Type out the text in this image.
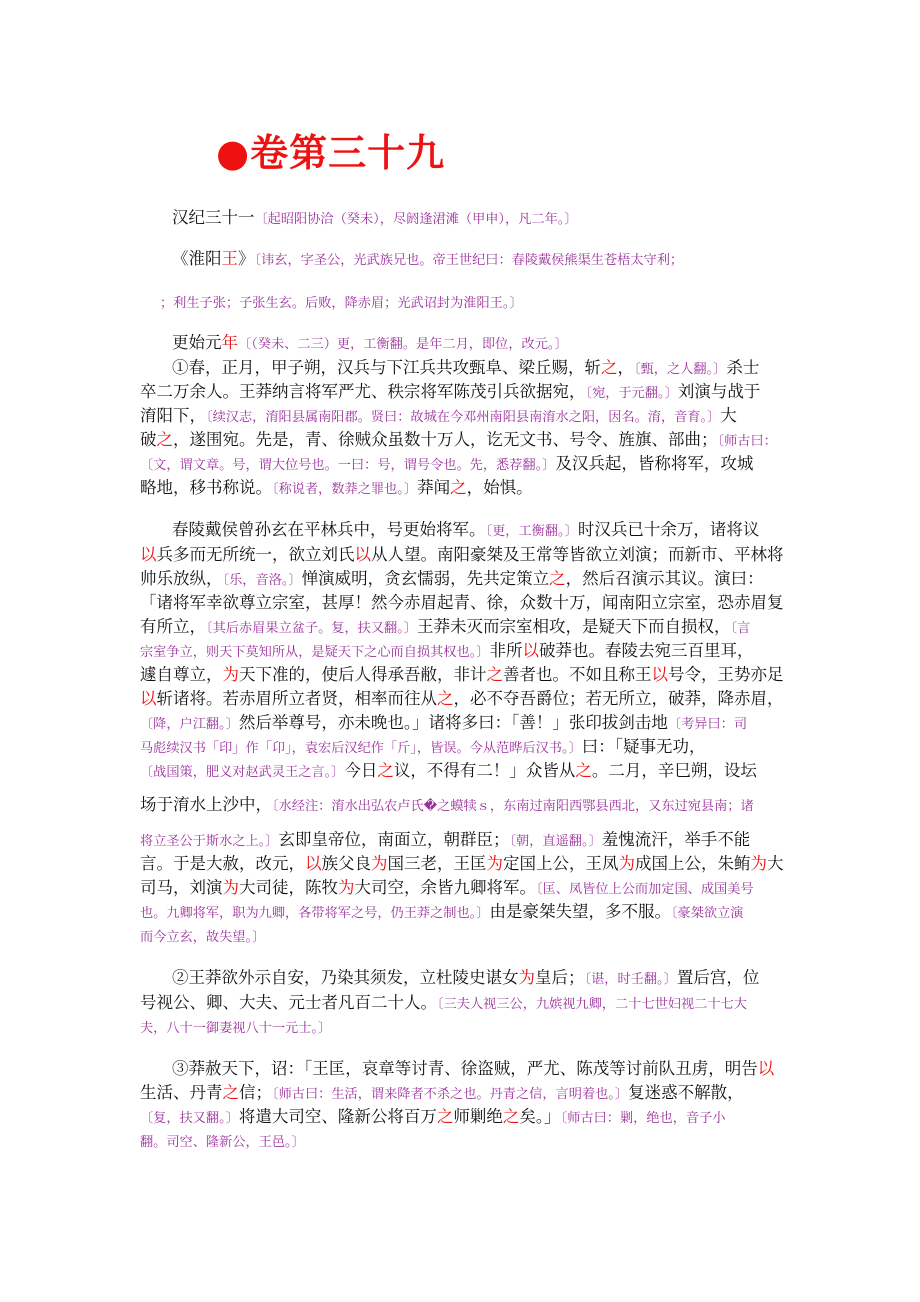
●卷第三十九
汉纪三十一〔起昭阳协洽（癸未），尽阏逢涒滩（甲申），凡二年。〕
《淮阳王》〔讳玄，字圣公，光武族兄也。帝王世纪曰：春陵戴侯熊渠生苍梧太守利；
；利生子张；子张生玄。后败，降赤眉；光武诏封为淮阳王。〕
更始元年〔（癸未、二三）更，工衡翻。是年二月，即位，改元。〕
①春，正月，甲子朔，汉兵与下江兵共攻甄阜、梁丘赐，斩之，〔甄，之人翻。〕杀士
卒二万余人。王莽纳言将军严尤、秩宗将军陈茂引兵欲据宛，〔宛，于元翻。〕刘演与战于
淯阳下，〔续汉志，淯阳县属南阳郡。贤曰：故城在今邓州南阳县南淯水之阳，因名。淯，音育。〕大
破之，遂围宛。先是，青、徐贼众虽数十万人，讫无文书、号令、旌旗、部曲；〔师古曰：
〔文，谓文章。号，谓大位号也。一曰：号，谓号令也。先，悉荐翻。〕及汉兵起，皆称将军，攻城
略地，移书称说。〔称说者，数莽之罪也。〕莽闻之，始惧。
春陵戴侯曾孙玄在平林兵中，号更始将军。〔更，工衡翻。〕时汉兵已十余万，诸将议
以兵多而无所统一，欲立刘氏以从人望。南阳豪桀及王常等皆欲立刘演；而新市、平林将
帅乐放纵，〔乐，音洛。〕惮演威明，贪玄懦弱，先共定策立之，然后召演示其议。演曰：
「诸将军幸欲尊立宗室，甚厚！然今赤眉起青、徐，众数十万，闻南阳立宗室，恐赤眉复
有所立，〔其后赤眉果立盆子。复，扶又翻。〕王莽未灭而宗室相攻，是疑天下而自损权，〔言
宗室争立，则天下莫知所从，是疑天下之心而自损其权也。〕非所以破莽也。春陵去宛三百里耳，
遽自尊立，为天下准的，使后人得承吾敝，非计之善者也。不如且称王以号令，王势亦足
以斩诸将。若赤眉所立者贤，相率而往从之，必不夺吾爵位；若无所立，破莽，降赤眉，
〔降，户江翻。〕然后举尊号，亦未晚也。」诸将多曰：「善！」张印拔剑击地〔考异曰：司
马彪续汉书「印」作「卬」，袁宏后汉纪作「斤」，皆误。今从范晔后汉书。〕曰：「疑事无功，
〔战国策，肥义对赵武灵王之言。〕今日之议，不得有二！」众皆从之。二月，辛巳朔，设坛
场于淯水上沙中，〔水经注：淯水出弘农卢氏�之蟆犊ｓ，东南过南阳西鄂县西北，又东过宛县南；诸
将立圣公于斯水之上。〕玄即皇帝位，南面立，朝群臣；〔朝，直遥翻。〕羞愧流汗，举手不能
言。于是大赦，改元，以族父良为国三老，王匡为定国上公，王凤为成国上公，朱鲔为大
司马，刘演为大司徒，陈牧为大司空，余皆九卿将军。〔匡、凤皆位上公而加定国、成国美号
也。九卿将军，职为九卿，各带将军之号，仍王莽之制也。〕由是豪桀失望，多不服。〔豪桀欲立演
而今立玄，故失望。〕
②王莽欲外示自安，乃染其须发，立杜陵史谌女为皇后；〔谌，时壬翻。〕置后宫，位
号视公、卿、大夫、元士者凡百二十人。〔三夫人视三公，九嫔视九卿，二十七世妇视二十七大
夫，八十一御妻视八十一元士。〕
③莽赦天下，诏：「王匡，哀章等讨青、徐盗贼，严尤、陈茂等讨前队丑虏，明告以
生活、丹青之信；〔师古曰：生活，谓来降者不杀之也。丹青之信，言明着也。〕复迷惑不解散，
〔复，扶又翻。〕将遣大司空、隆新公将百万之师剿绝之矣。」〔师古曰：剿，绝也，音子小
翻。司空、隆新公，王邑。〕
